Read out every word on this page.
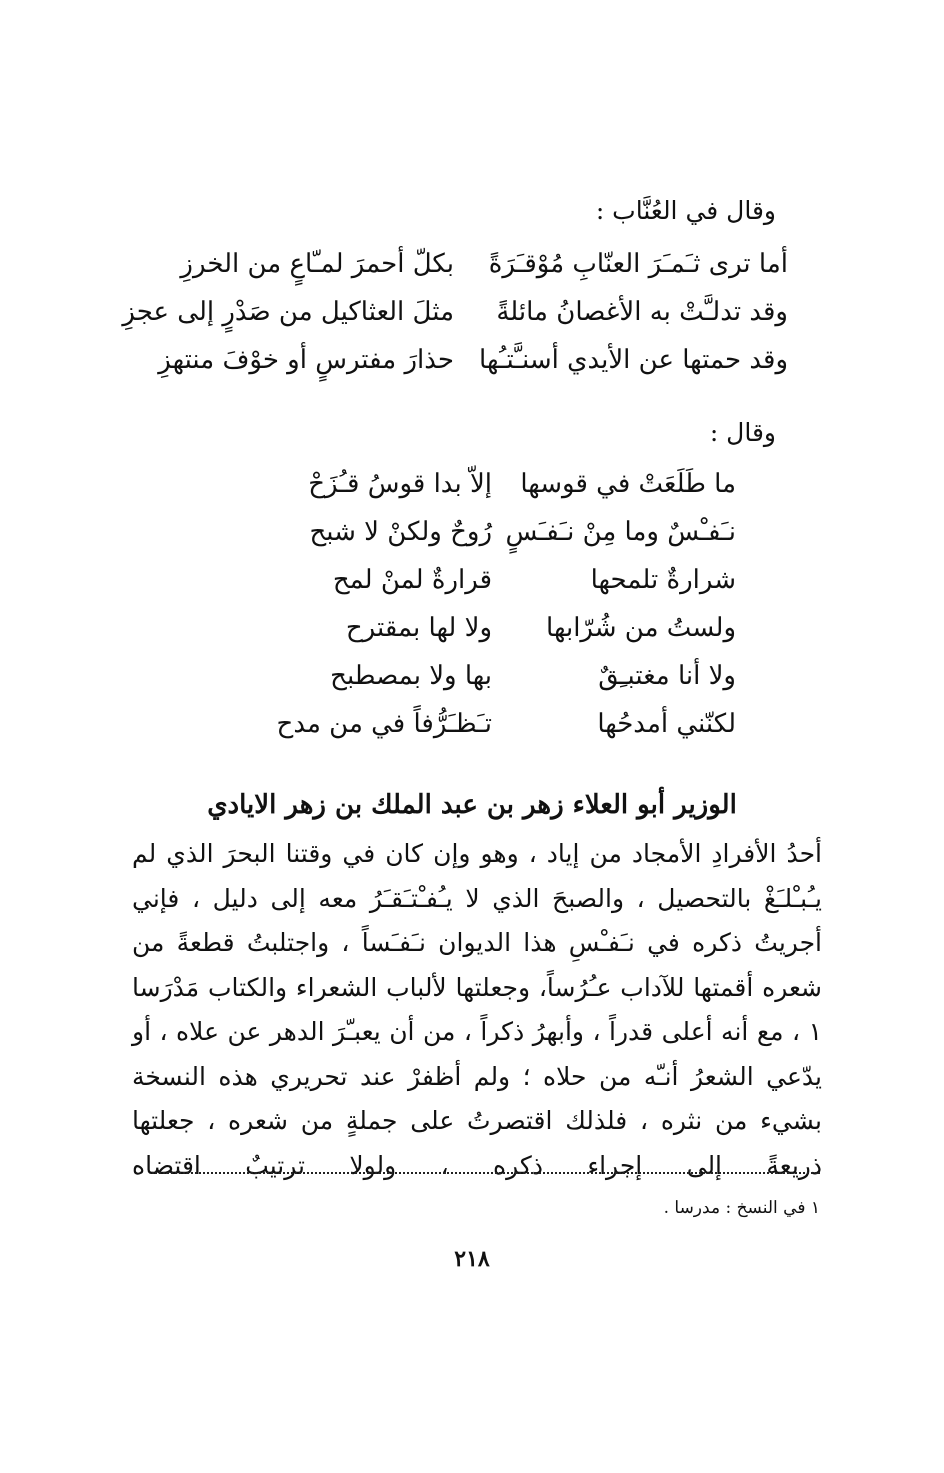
وقال في العُنَّاب :
أما ترى ثـَمـَرَ العنّابِ مُوْقـَرَةً
بكلّ أحمرَ لمـّاعٍ من الخرزِ
وقد تدلـَّتْ به الأغصانُ مائلةً
مثلَ العثاكيل من صَدْرٍ إلى عجزِ
وقد حمتها عن الأيدي أسنـَّتـُها
حذارَ مفترسٍ أو خوْفَ منتهزِ
وقال :
ما طَلَعَتْ في قوسها
إلاّ بدا قوسُ قـُزَحْ
نـَفـْسٌ وما مِنْ نـَفـَسٍ
رُوحٌ ولكنْ لا شبح
شرارةٌ تلمحها
قرارةٌ لمنْ لمح
ولستُ من شُرّابها
ولا لها بمقترح
ولا أنا مغتبـِقٌ
بها ولا بمصطبح
لكنّني أمدحُها
تـَظـَرُّفاً في من مدح
الوزير أبو العلاء زهر بن عبد الملك بن زهر الايادي

أحدُ الأفرادِ الأمجاد من إياد ، وهو وإن كان في وقتنا البحرَ الذي لم يـُبـْلـَغْ بالتحصيل ، والصبحَ الذي لا يـُفـْتـَقـَرُ معه إلى دليل ، فإني أجريتُ ذكره في نـَفـْسِ هذا الديوان نـَفـَساً ، واجتلبتُ قطعةً من شعره أقمتها للآداب عـُرُساً، وجعلتها لألباب الشعراء والكتاب مَدْرَسا ١ ، مع أنه أعلى قدراً ، وأبهرُ ذكراً ، من أن يعبـّرَ الدهر عن علاه ، أو يدّعي الشعرُ أنـّه من حلاه ؛ ولم أظفرْ عند تحريري هذه النسخة بشيء من نثره ، فلذلك اقتصرتُ على جملةٍ من شعره ، جعلتها ذريعةً إلى إجراء ذكره ، ولولا ترتيبٌ اقتضاه

١ في النسخ : مدرسا .
٢١٨
